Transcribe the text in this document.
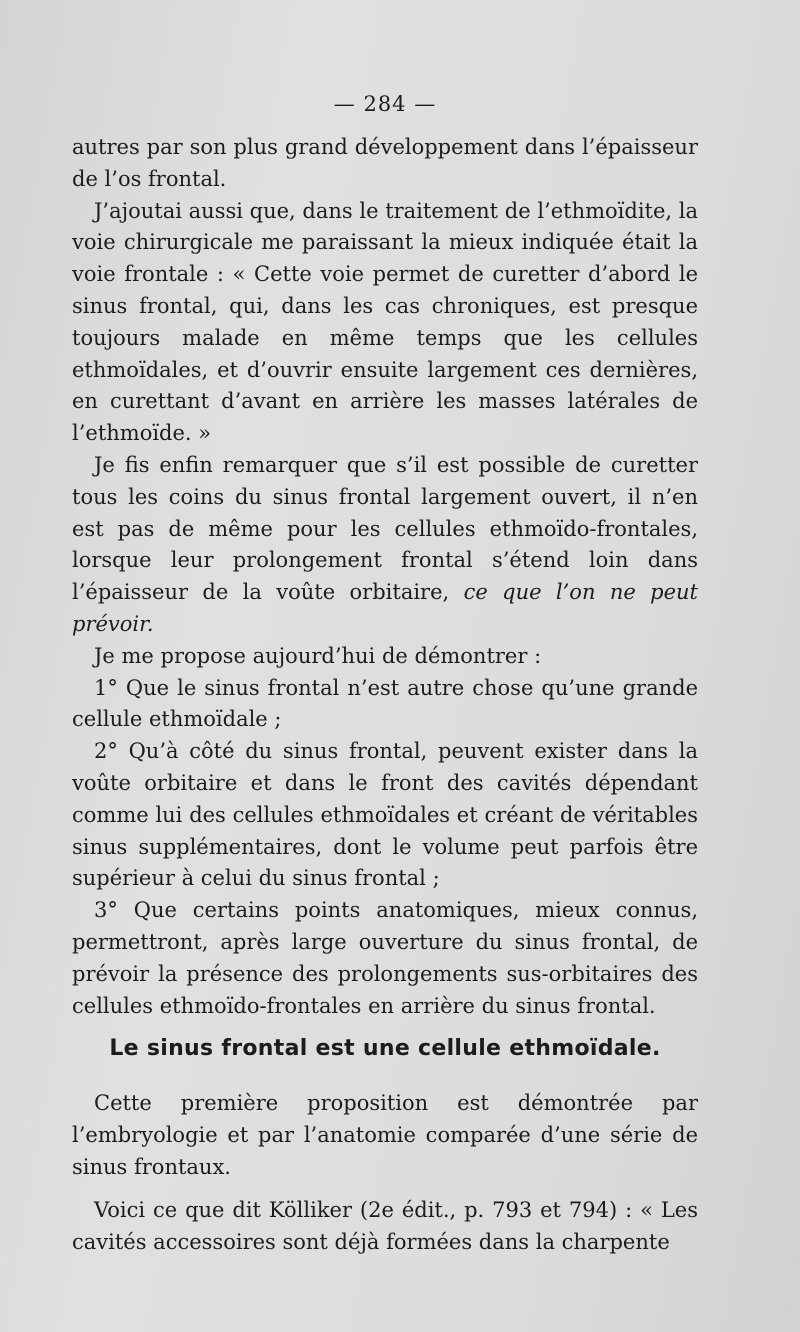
— 284 —

autres par son plus grand développement dans l’épaisseur de l’os frontal.

J’ajoutai aussi que, dans le traitement de l’ethmoïdite, la voie chirurgicale me paraissant la mieux indiquée était la voie frontale : « Cette voie permet de curetter d’abord le sinus frontal, qui, dans les cas chroniques, est presque toujours malade en même temps que les cellules ethmoïdales, et d’ouvrir ensuite largement ces dernières, en curettant d’avant en arrière les masses latérales de l’ethmoïde. »

Je fis enfin remarquer que s’il est possible de curetter tous les coins du sinus frontal largement ouvert, il n’en est pas de même pour les cellules ethmoïdo-frontales, lorsque leur prolongement frontal s’étend loin dans l’épaisseur de la voûte orbitaire, ce que l’on ne peut prévoir.

Je me propose aujourd’hui de démontrer :

1° Que le sinus frontal n’est autre chose qu’une grande cellule ethmoïdale ;

2° Qu’à côté du sinus frontal, peuvent exister dans la voûte orbitaire et dans le front des cavités dépendant comme lui des cellules ethmoïdales et créant de véritables sinus supplémentaires, dont le volume peut parfois être supérieur à celui du sinus frontal ;

3° Que certains points anatomiques, mieux connus, permettront, après large ouverture du sinus frontal, de prévoir la présence des prolongements sus-orbitaires des cellules ethmoïdo-frontales en arrière du sinus frontal.

Le sinus frontal est une cellule ethmoïdale.

Cette première proposition est démontrée par l’embryologie et par l’anatomie comparée d’une série de sinus frontaux.

Voici ce que dit Kölliker (2e édit., p. 793 et 794) : « Les cavités accessoires sont déjà formées dans la charpente
